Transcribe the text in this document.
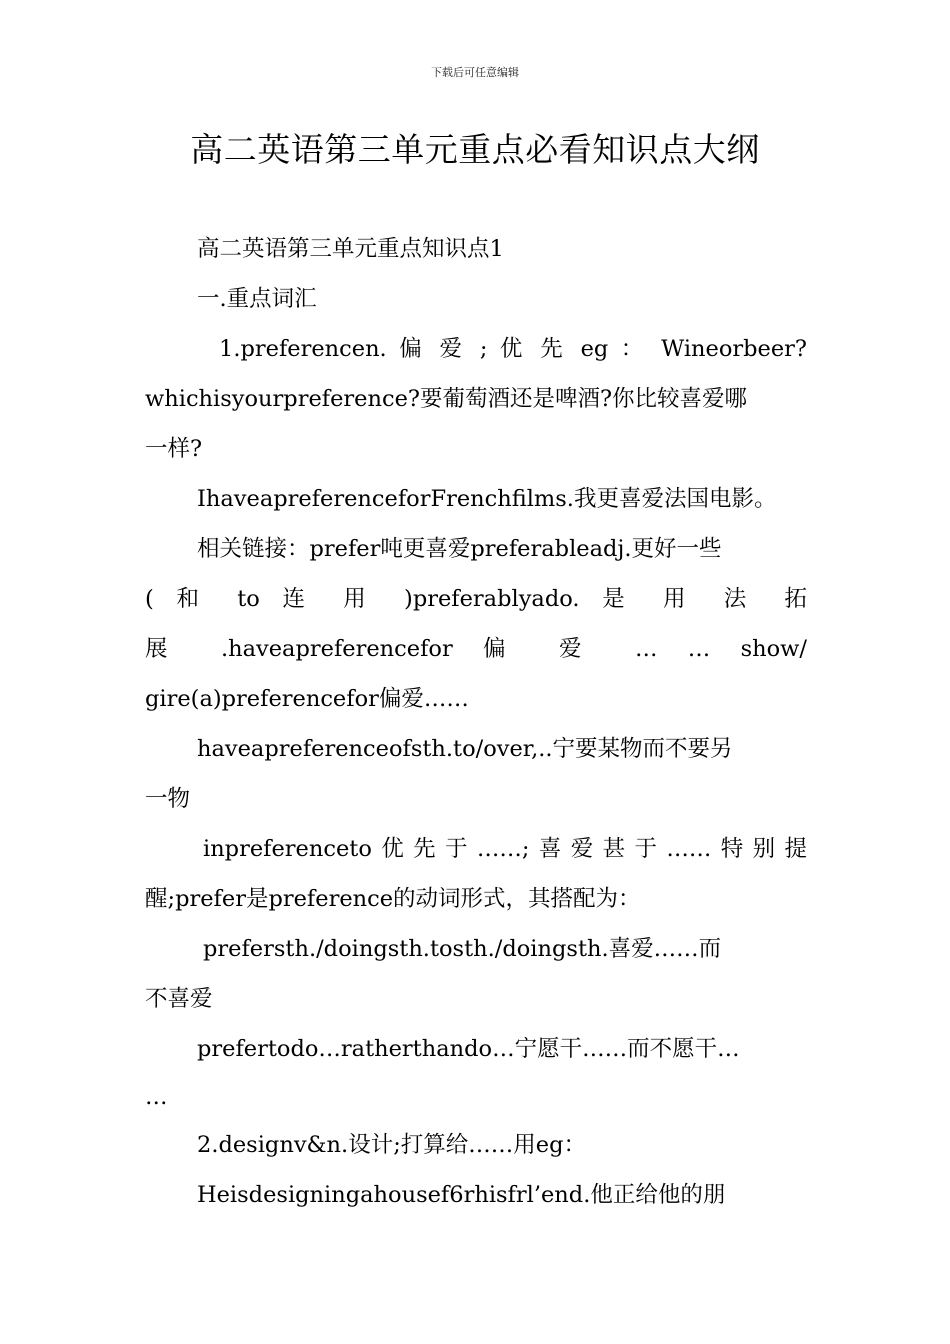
下载后可任意编辑
高二英语第三单元重点必看知识点大纲
高二英语第三单元重点知识点1
一.重点词汇
1.preferencen. 偏 爱 ; 优 先 eg ： Wineorbeer?
whichisyourpreference?要葡萄酒还是啤酒?你比较喜爱哪
一样?
IhaveapreferenceforFrenchfilms.我更喜爱法国电影。
相关链接：prefer吨更喜爱preferableadj.更好一些
( 和 to 连 用 )preferablyado. 是 用 法 拓
展 .haveapreferencefor 偏 爱 … … show/
gire(a)preferencefor偏爱……
haveapreferenceofsth.to/over,..宁要某物而不要另
一物
inpreferenceto优先于……;喜爱甚于……特别提
醒;prefer是preference的动词形式，其搭配为：
prefersth./doingsth.tosth./doingsth.喜爱……而
不喜爱
prefertodo…ratherthando…宁愿干……而不愿干…
…
2.designv&n.设计;打算给……用eg：
Heisdesigningahousef6rhisfrl’end.他正给他的朋
